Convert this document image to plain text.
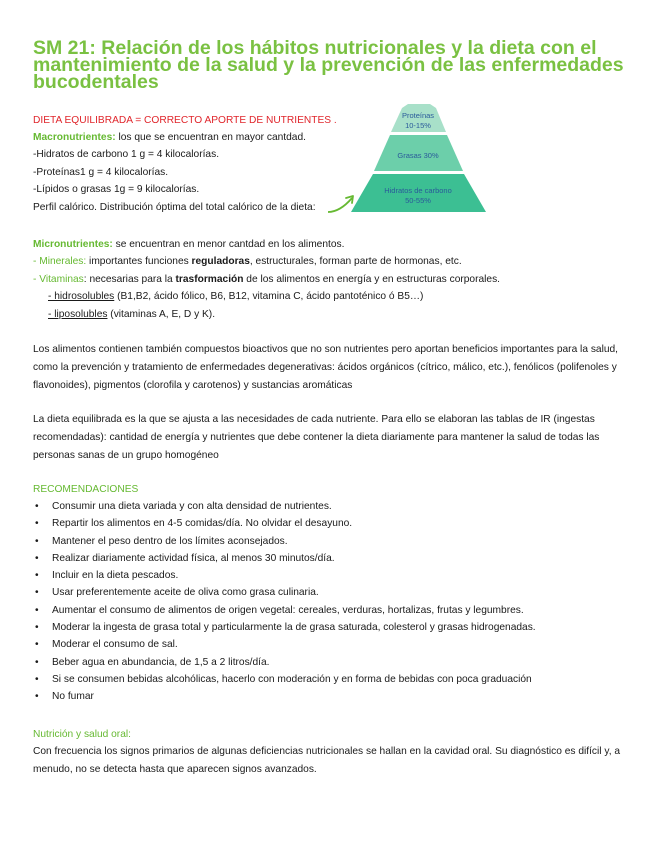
SM 21: Relación de los hábitos nutricionales y la dieta con el mantenimiento de la salud y la prevención de las enfermedades bucodentales
DIETA EQUILIBRADA = CORRECTO APORTE DE NUTRIENTES .
Macronutrientes: los que se encuentran en mayor cantdad.
-Hidratos de carbono 1 g = 4 kilocalorías.
-Proteínas1 g = 4 kilocalorías.
-Lípidos o grasas 1g = 9 kilocalorías.
Perfil calórico. Distribución óptima del total calórico de la dieta:
Proteínas
10-15%
Grasas 30%
Hidratos de carbono
50-55%
Micronutrientes: se encuentran en menor cantdad en los alimentos.
- Minerales: importantes funciones reguladoras, estructurales, forman parte de hormonas, etc.
- Vitaminas: necesarias para la trasformación de los alimentos en energía y en estructuras corporales.
- hidrosolubles (B1,B2, ácido fólico, B6, B12, vitamina C, ácido pantoténico ó B5…)
- liposolubles (vitaminas A, E, D y K).
Los alimentos contienen también compuestos bioactivos que no son nutrientes pero aportan beneficios importantes para la salud, como la prevención y tratamiento de enfermedades degenerativas: ácidos orgánicos (cítrico, málico, etc.), fenólicos (polifenoles y flavonoides), pigmentos (clorofila y carotenos) y sustancias aromáticas
La dieta equilibrada es la que se ajusta a las necesidades de cada nutriente. Para ello se elaboran las tablas de IR (ingestas recomendadas): cantidad de energía y nutrientes que debe contener la dieta diariamente para mantener la salud de todas las personas sanas de un grupo homogéneo
RECOMENDACIONES
• Consumir una dieta variada y con alta densidad de nutrientes.
• Repartir los alimentos en 4-5 comidas/día. No olvidar el desayuno.
• Mantener el peso dentro de los límites aconsejados.
• Realizar diariamente actividad física, al menos 30 minutos/día.
• Incluir en la dieta pescados.
• Usar preferentemente aceite de oliva como grasa culinaria.
• Aumentar el consumo de alimentos de origen vegetal: cereales, verduras, hortalizas, frutas y legumbres.
• Moderar la ingesta de grasa total y particularmente la de grasa saturada, colesterol y grasas hidrogenadas.
• Moderar el consumo de sal.
• Beber agua en abundancia, de 1,5 a 2 litros/día.
• Si se consumen bebidas alcohólicas, hacerlo con moderación y en forma de bebidas con poca graduación
• No fumar
Nutrición y salud oral:
Con frecuencia los signos primarios de algunas deficiencias nutricionales se hallan en la cavidad oral. Su diagnóstico es difícil y, a menudo, no se detecta hasta que aparecen signos avanzados.
